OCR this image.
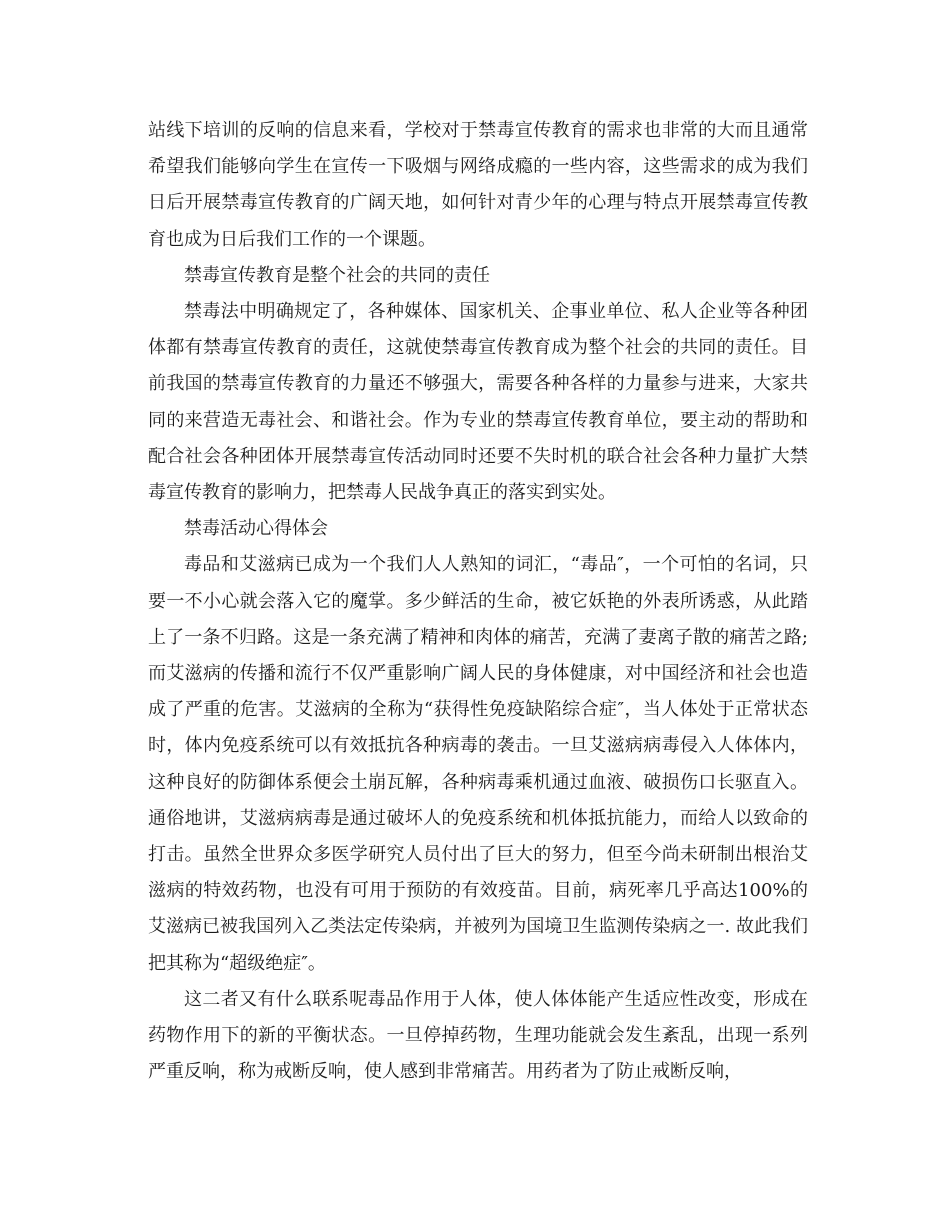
站线下培训的反响的信息来看，学校对于禁毒宣传教育的需求也非常的大而且通常希望我们能够向学生在宣传一下吸烟与网络成瘾的一些内容，这些需求的成为我们日后开展禁毒宣传教育的广阔天地，如何针对青少年的心理与特点开展禁毒宣传教育也成为日后我们工作的一个课题。

禁毒宣传教育是整个社会的共同的责任

禁毒法中明确规定了，各种媒体、国家机关、企事业单位、私人企业等各种团体都有禁毒宣传教育的责任，这就使禁毒宣传教育成为整个社会的共同的责任。目前我国的禁毒宣传教育的力量还不够强大，需要各种各样的力量参与进来，大家共同的来营造无毒社会、和谐社会。作为专业的禁毒宣传教育单位，要主动的帮助和配合社会各种团体开展禁毒宣传活动同时还要不失时机的联合社会各种力量扩大禁毒宣传教育的影响力，把禁毒人民战争真正的落实到实处。

禁毒活动心得体会

毒品和艾滋病已成为一个我们人人熟知的词汇，“毒品″，一个可怕的名词，只要一不小心就会落入它的魔掌。多少鲜活的生命，被它妖艳的外表所诱惑，从此踏上了一条不归路。这是一条充满了精神和肉体的痛苦，充满了妻离子散的痛苦之路;而艾滋病的传播和流行不仅严重影响广阔人民的身体健康，对中国经济和社会也造成了严重的危害。艾滋病的全称为“获得性免疫缺陷综合症″，当人体处于正常状态时，体内免疫系统可以有效抵抗各种病毒的袭击。一旦艾滋病病毒侵入人体体内，这种良好的防御体系便会土崩瓦解，各种病毒乘机通过血液、破损伤口长驱直入。通俗地讲，艾滋病病毒是通过破坏人的免疫系统和机体抵抗能力，而给人以致命的打击。虽然全世界众多医学研究人员付出了巨大的努力，但至今尚未研制出根治艾滋病的特效药物，也没有可用于预防的有效疫苗。目前，病死率几乎高达100%的艾滋病已被我国列入乙类法定传染病，并被列为国境卫生监测传染病之一. 故此我们把其称为“超级绝症″。

这二者又有什么联系呢毒品作用于人体，使人体体能产生适应性改变，形成在药物作用下的新的平衡状态。一旦停掉药物，生理功能就会发生紊乱，出现一系列严重反响，称为戒断反响，使人感到非常痛苦。用药者为了防止戒断反响，
